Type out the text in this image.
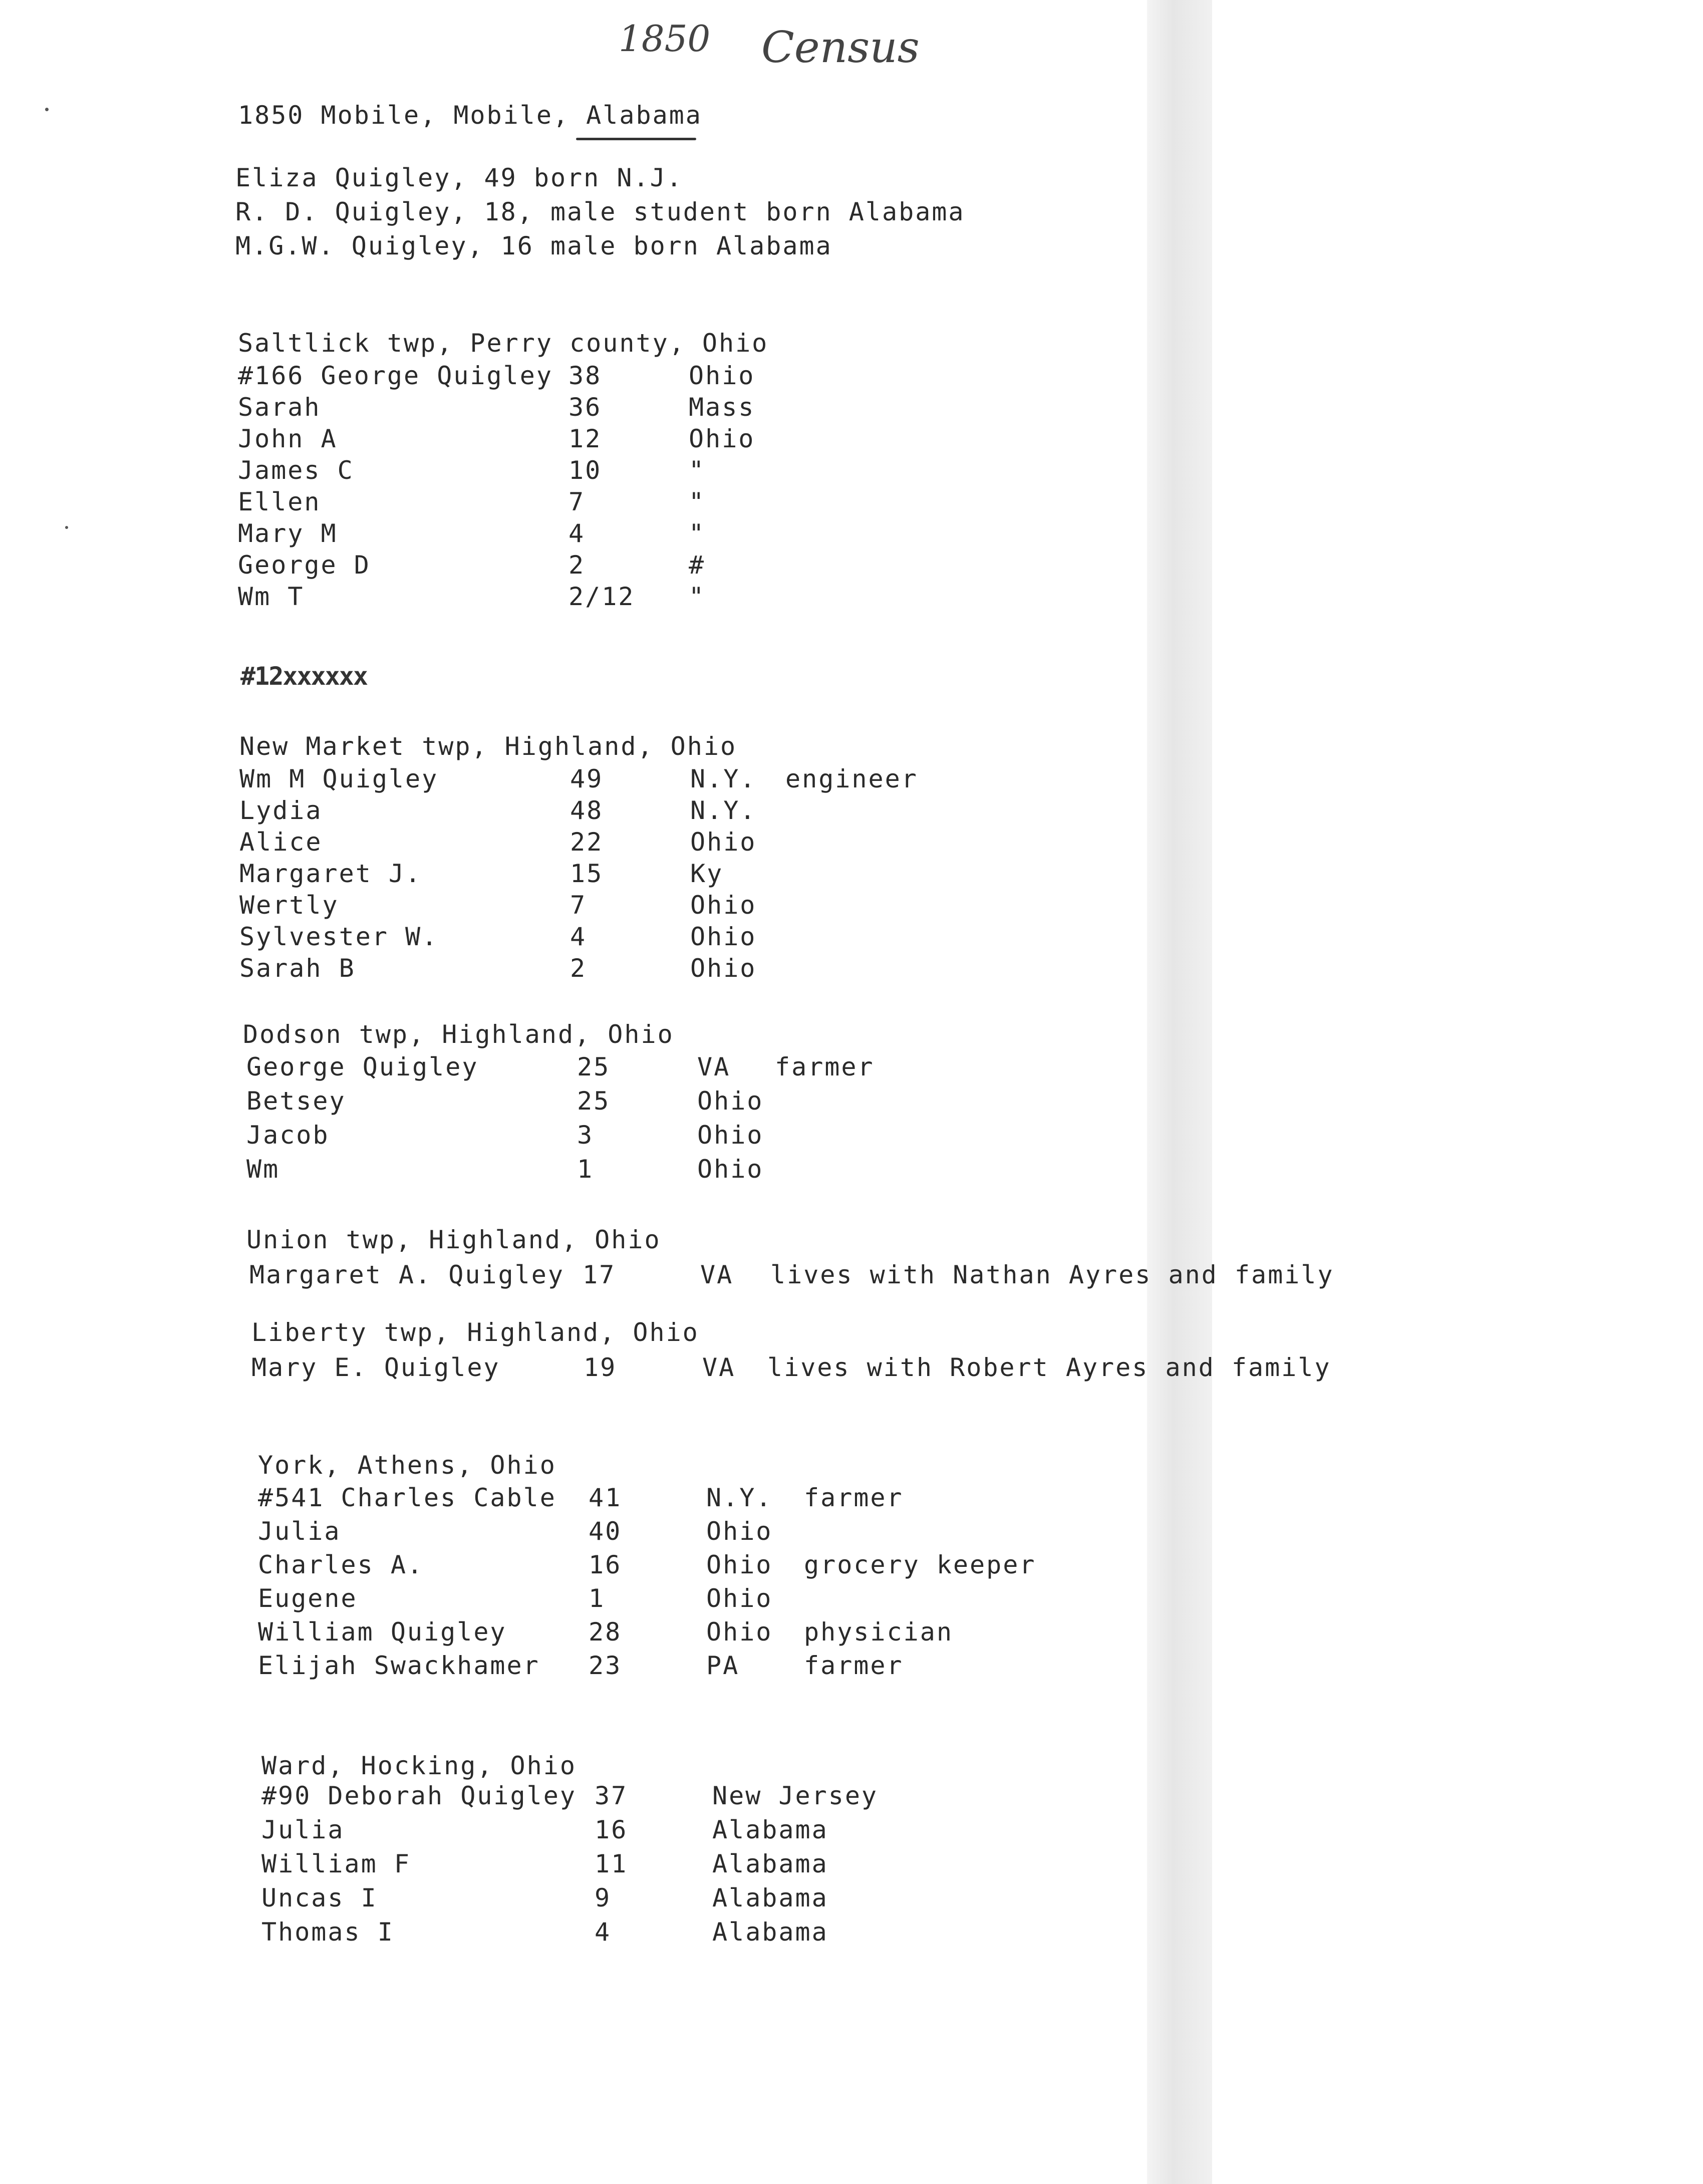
1850 Census
1850 Mobile, Mobile, Alabama
Eliza Quigley, 49 born N.J.
R. D. Quigley, 18, male student born Alabama
M.G.W. Quigley, 16 male born Alabama
Saltlick twp, Perry county, Ohio
#166 George Quigley 38	Ohio
Sarah	36	Mass
John A	12	Ohio
James C	10	"
Ellen	7	"
Mary M	4	"
George D	2	#
Wm T	2/12 "
#12xxxxxx
New Market twp, Highland, Ohio
Wm M Quigley	49	N.Y. engineer
Lydia	48	N.Y.
Alice	22	Ohio
Margaret J.	15	Ky
Wertly	7	Ohio
Sylvester W.	4	Ohio
Sarah B	2	Ohio
Dodson twp, Highland, Ohio
George Quigley	25	VA farmer
Betsey	25	Ohio
Jacob	3	Ohio
Wm	1	Ohio
Union twp, Highland, Ohio
Margaret A. Quigley 17	VA lives with Nathan Ayres and family
Liberty twp, Highland, Ohio
Mary E. Quigley	19	VA lives with Robert Ayres and family
York, Athens, Ohio
#541 Charles Cable 41	N.Y. farmer
Julia	40	Ohio
Charles A.	16	Ohio grocery keeper
Eugene	1	Ohio
William Quigley	28	Ohio physician
Elijah Swackhamer 23	PA	farmer
Ward, Hocking, Ohio
#90 Deborah Quigley 37	New Jersey
Julia	16	Alabama
William F	11	Alabama
Uncas I	9	Alabama
Thomas I	4	Alabama
